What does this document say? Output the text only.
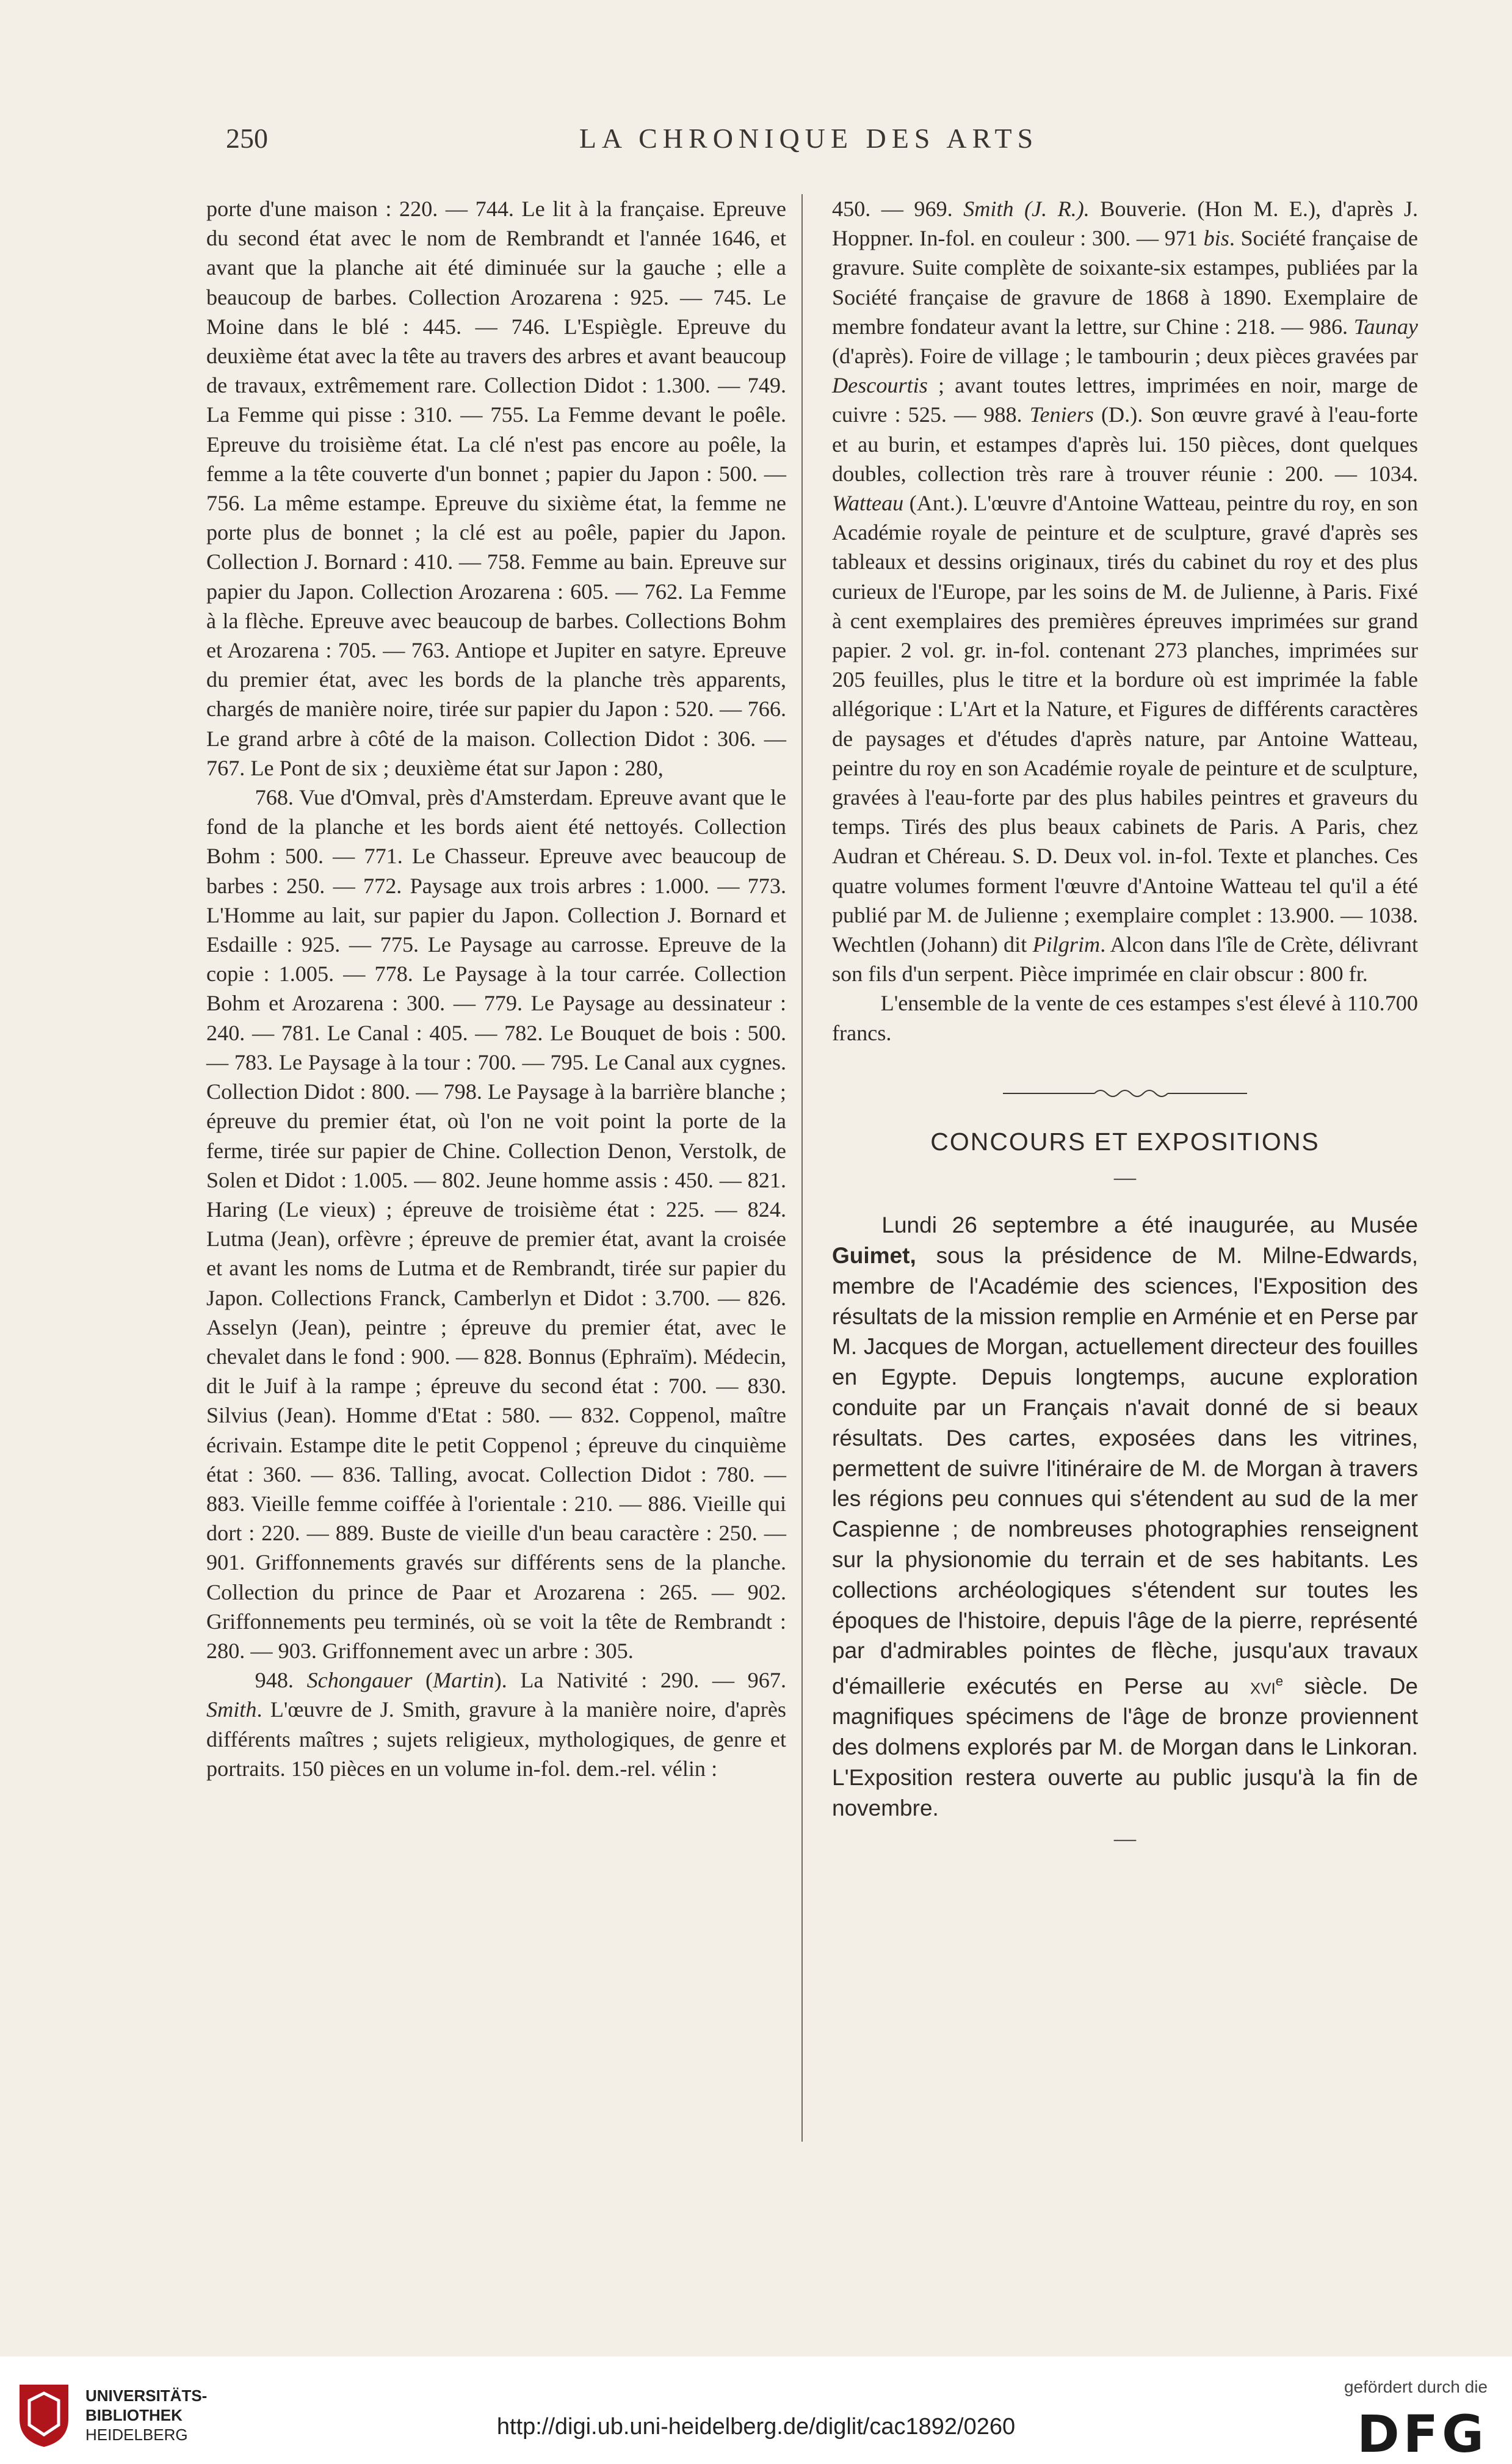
250	LA CHRONIQUE DES ARTS

porte d'une maison : 220. — 744. Le lit à la française. Epreuve du second état avec le nom de Rembrandt et l'année 1646, et avant que la planche ait été diminuée sur la gauche ; elle a beaucoup de barbes. Collection Arozarena : 925. — 745. Le Moine dans le blé : 445. — 746. L'Espiègle. Epreuve du deuxième état avec la tête au travers des arbres et avant beaucoup de travaux, extrêmement rare. Collection Didot : 1.300. — 749. La Femme qui pisse : 310. — 755. La Femme devant le poêle. Epreuve du troisième état. La clé n'est pas encore au poêle, la femme a la tête couverte d'un bonnet ; papier du Japon : 500. — 756. La même estampe. Epreuve du sixième état, la femme ne porte plus de bonnet ; la clé est au poêle, papier du Japon. Collection J. Bornard : 410. — 758. Femme au bain. Epreuve sur papier du Japon. Collection Arozarena : 605. — 762. La Femme à la flèche. Epreuve avec beaucoup de barbes. Collections Bohm et Arozarena : 705. — 763. Antiope et Jupiter en satyre. Epreuve du premier état, avec les bords de la planche très apparents, chargés de manière noire, tirée sur papier du Japon : 520. — 766. Le grand arbre à côté de la maison. Collection Didot : 306. — 767. Le Pont de six ; deuxième état sur Japon : 280,

768. Vue d'Omval, près d'Amsterdam. Epreuve avant que le fond de la planche et les bords aient été nettoyés. Collection Bohm : 500. — 771. Le Chasseur. Epreuve avec beaucoup de barbes : 250. — 772. Paysage aux trois arbres : 1.000. — 773. L'Homme au lait, sur papier du Japon. Collection J. Bornard et Esdaille : 925. — 775. Le Paysage au carrosse. Epreuve de la copie : 1.005. — 778. Le Paysage à la tour carrée. Collection Bohm et Arozarena : 300. — 779. Le Paysage au dessinateur : 240. — 781. Le Canal : 405. — 782. Le Bouquet de bois : 500. — 783. Le Paysage à la tour : 700. — 795. Le Canal aux cygnes. Collection Didot : 800. — 798. Le Paysage à la barrière blanche ; épreuve du premier état, où l'on ne voit point la porte de la ferme, tirée sur papier de Chine. Collection Denon, Verstolk, de Solen et Didot : 1.005. — 802. Jeune homme assis : 450. — 821. Haring (Le vieux) ; épreuve de troisième état : 225. — 824. Lutma (Jean), orfèvre ; épreuve de premier état, avant la croisée et avant les noms de Lutma et de Rembrandt, tirée sur papier du Japon. Collections Franck, Camberlyn et Didot : 3.700. — 826. Asselyn (Jean), peintre ; épreuve du premier état, avec le chevalet dans le fond : 900. — 828. Bonnus (Ephraïm). Médecin, dit le Juif à la rampe ; épreuve du second état : 700. — 830. Silvius (Jean). Homme d'Etat : 580. — 832. Coppenol, maître écrivain. Estampe dite le petit Coppenol ; épreuve du cinquième état : 360. — 836. Talling, avocat. Collection Didot : 780. — 883. Vieille femme coiffée à l'orientale : 210. — 886. Vieille qui dort : 220. — 889. Buste de vieille d'un beau caractère : 250. — 901. Griffonnements gravés sur différents sens de la planche. Collection du prince de Paar et Arozarena : 265. — 902. Griffonnements peu terminés, où se voit la tête de Rembrandt : 280. — 903. Griffonnement avec un arbre : 305.

948. Schongauer (Martin). La Nativité : 290. — 967. Smith. L'œuvre de J. Smith, gravure à la manière noire, d'après différents maîtres ; sujets religieux, mythologiques, de genre et portraits. 150 pièces en un volume in-fol. dem.-rel. vélin :

450. — 969. Smith (J. R.). Bouverie. (Hon M. E.), d'après J. Hoppner. In-fol. en couleur : 300. — 971 bis. Société française de gravure. Suite complète de soixante-six estampes, publiées par la Société française de gravure de 1868 à 1890. Exemplaire de membre fondateur avant la lettre, sur Chine : 218. — 986. Taunay (d'après). Foire de village ; le tambourin ; deux pièces gravées par Descourtis ; avant toutes lettres, imprimées en noir, marge de cuivre : 525. — 988. Teniers (D.). Son œuvre gravé à l'eau-forte et au burin, et estampes d'après lui. 150 pièces, dont quelques doubles, collection très rare à trouver réunie : 200. — 1034. Watteau (Ant.). L'œuvre d'Antoine Watteau, peintre du roy, en son Académie royale de peinture et de sculpture, gravé d'après ses tableaux et dessins originaux, tirés du cabinet du roy et des plus curieux de l'Europe, par les soins de M. de Julienne, à Paris. Fixé à cent exemplaires des premières épreuves imprimées sur grand papier. 2 vol. gr. in-fol. contenant 273 planches, imprimées sur 205 feuilles, plus le titre et la bordure où est imprimée la fable allégorique : L'Art et la Nature, et Figures de différents caractères de paysages et d'études d'après nature, par Antoine Watteau, peintre du roy en son Académie royale de peinture et de sculpture, gravées à l'eau-forte par des plus habiles peintres et graveurs du temps. Tirés des plus beaux cabinets de Paris. A Paris, chez Audran et Chéreau. S. D. Deux vol. in-fol. Texte et planches. Ces quatre volumes forment l'œuvre d'Antoine Watteau tel qu'il a été publié par M. de Julienne ; exemplaire complet : 13.900. — 1038. Wechtlen (Johann) dit Pilgrim. Alcon dans l'île de Crète, délivrant son fils d'un serpent. Pièce imprimée en clair obscur : 800 fr.

L'ensemble de la vente de ces estampes s'est élevé à 110.700 francs.

CONCOURS ET EXPOSITIONS
—

Lundi 26 septembre a été inaugurée, au Musée Guimet, sous la présidence de M. Milne-Edwards, membre de l'Académie des sciences, l'Exposition des résultats de la mission remplie en Arménie et en Perse par M. Jacques de Morgan, actuellement directeur des fouilles en Egypte. Depuis longtemps, aucune exploration conduite par un Français n'avait donné de si beaux résultats. Des cartes, exposées dans les vitrines, permettent de suivre l'itinéraire de M. de Morgan à travers les régions peu connues qui s'étendent au sud de la mer Caspienne ; de nombreuses photographies renseignent sur la physionomie du terrain et de ses habitants. Les collections archéologiques s'étendent sur toutes les époques de l'histoire, depuis l'âge de la pierre, représenté par d'admirables pointes de flèche, jusqu'aux travaux d'émaillerie exécutés en Perse au xvi$^e$ siècle. De magnifiques spécimens de l'âge de bronze proviennent des dolmens explorés par M. de Morgan dans le Linkoran. L'Exposition restera ouverte au public jusqu'à la fin de novembre.

—
UNIVERSITÄTS-
BIBLIOTHEK
HEIDELBERG	http://digi.ub.uni-heidelberg.de/diglit/cac1892/0260
gefördert durch die
DFG
